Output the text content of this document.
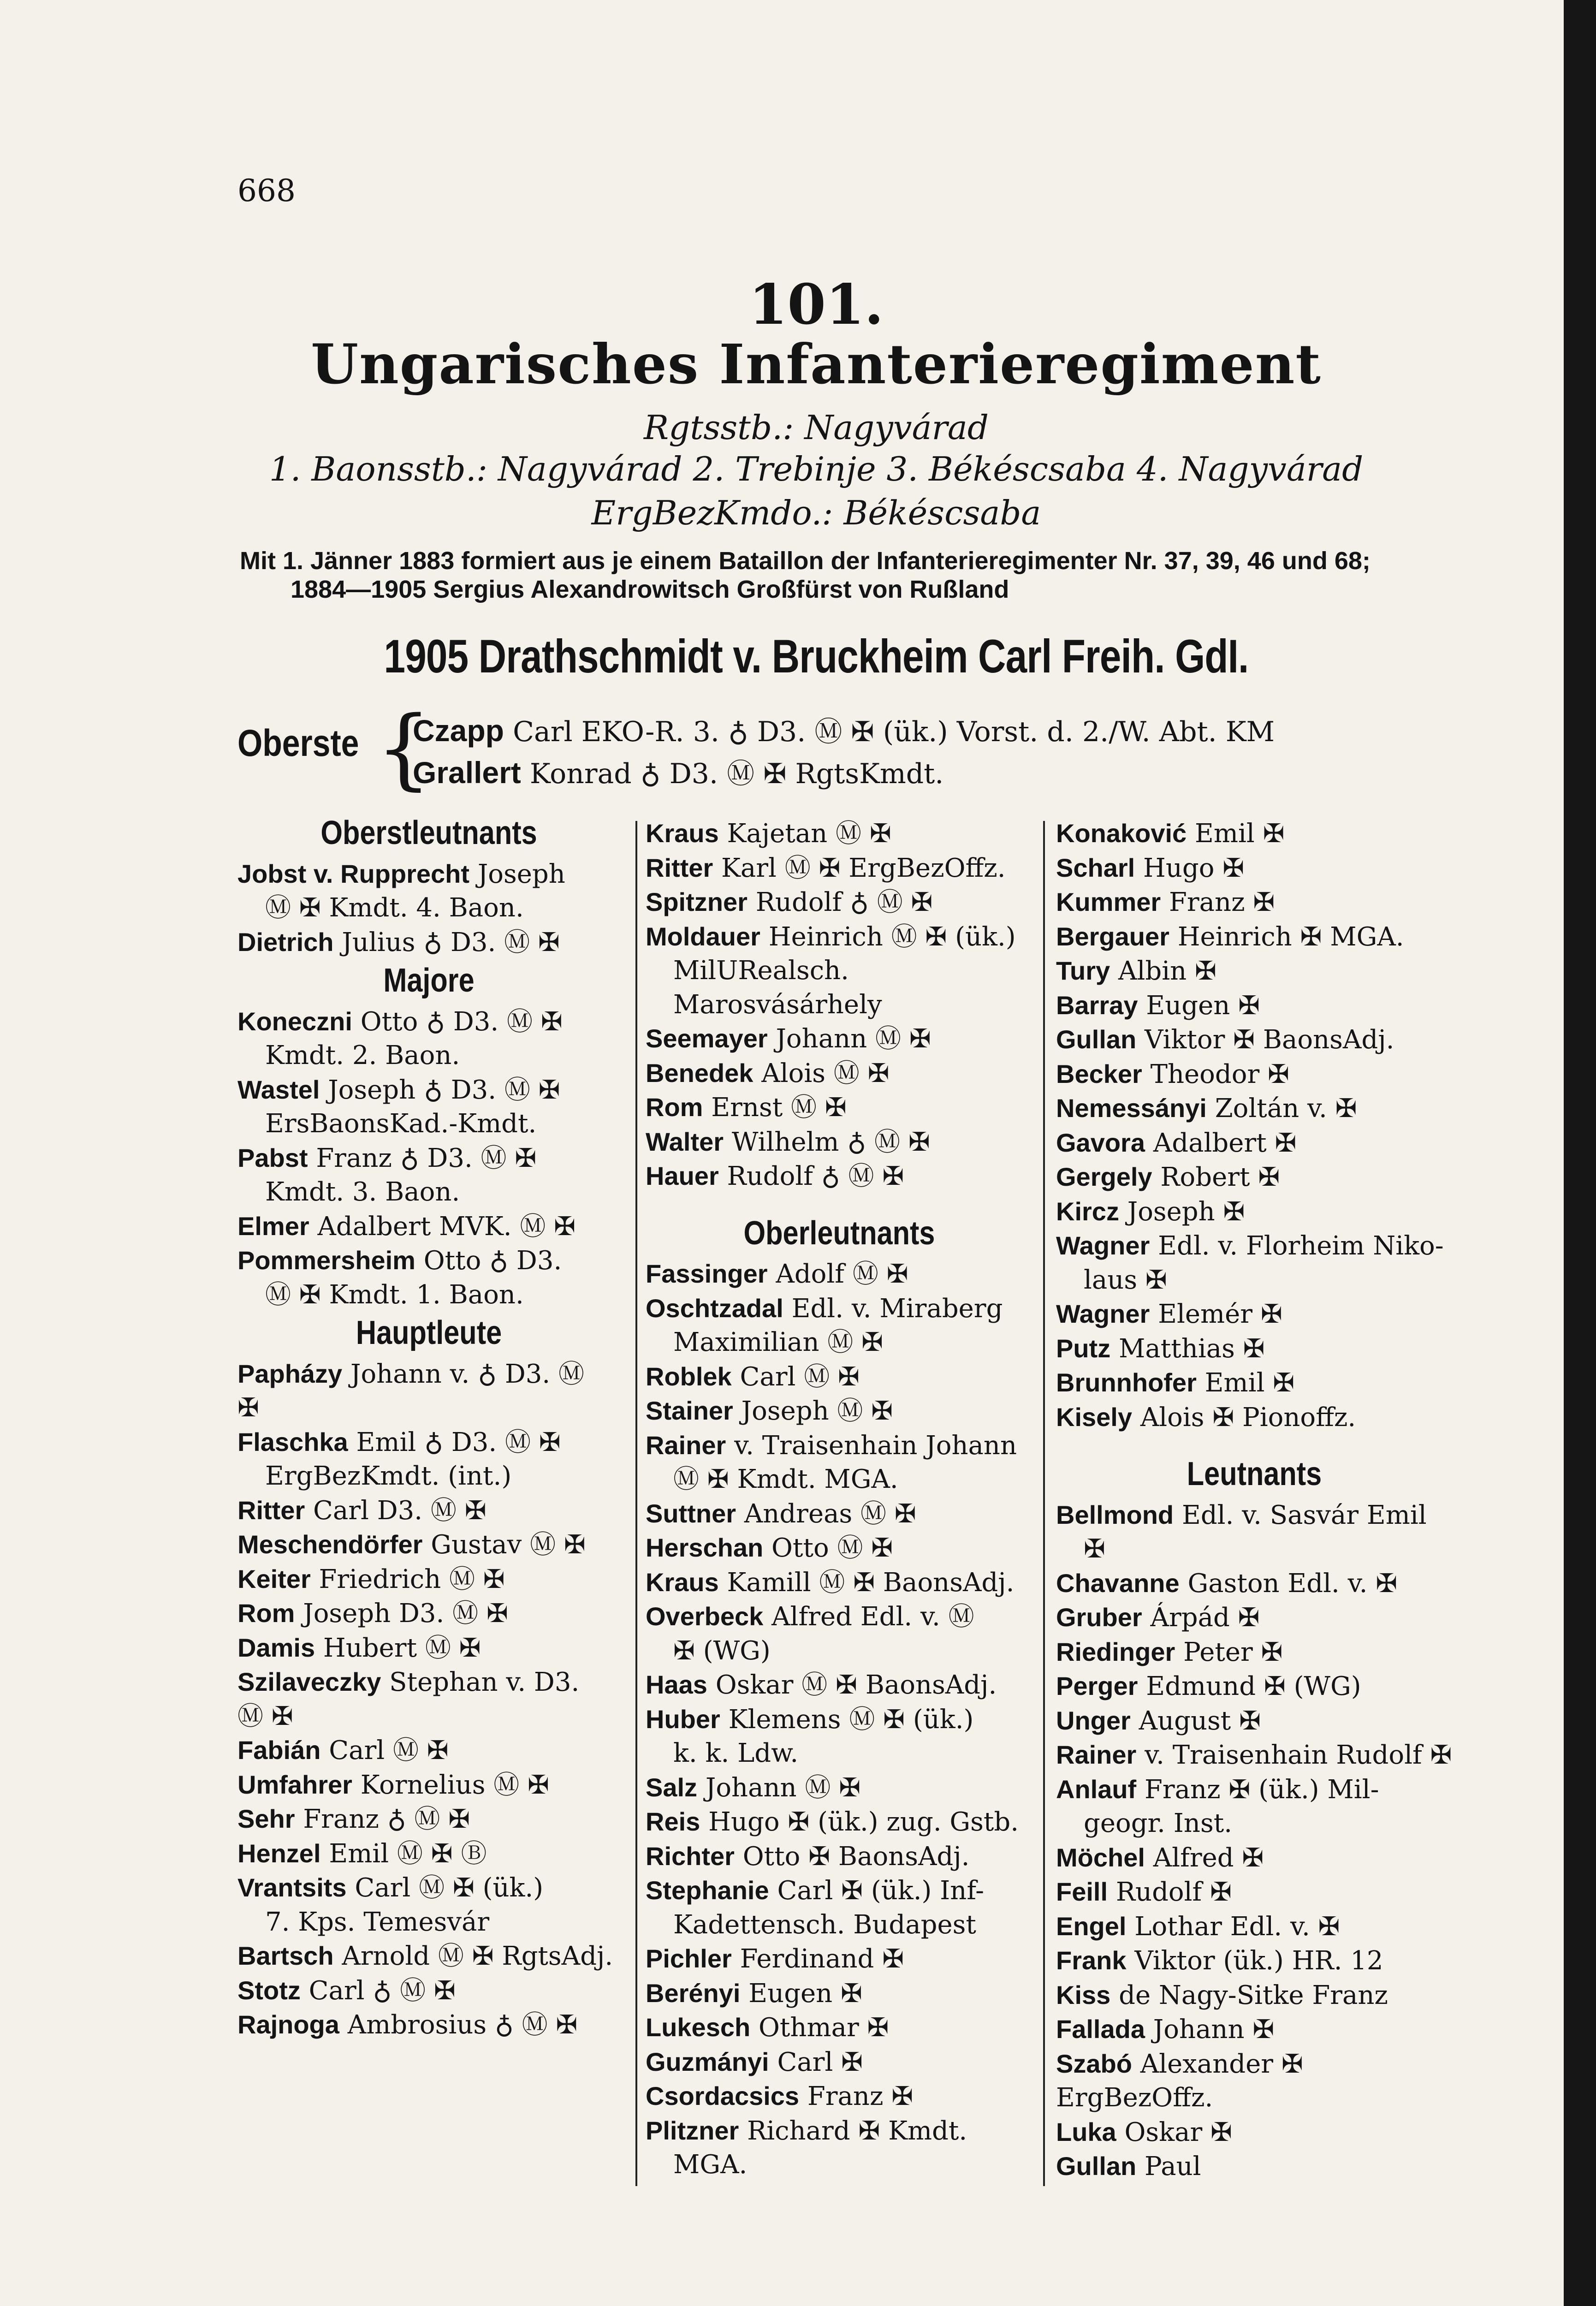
668
101.
Ungarisches Infanterieregiment
Rgtsstb.: Nagyvárad
1. Baonsstb.: Nagyvárad 2. Trebinje 3. Békéscsaba 4. Nagyvárad
ErgBezKmdo.: Békéscsaba
Mit 1. Jänner 1883 formiert aus je einem Bataillon der Infanterieregimenter Nr. 37, 39, 46 und 68;
1884—1905 Sergius Alexandrowitsch Großfürst von Rußland
1905 Drathschmidt v. Bruckheim Carl Freih. GdI.
Oberste {
Czapp Carl EKO-R. 3. ♁ D3. Ⓜ ✠ (ük.) Vorst. d. 2./W. Abt. KM
Grallert Konrad ♁ D3. Ⓜ ✠ RgtsKmdt.
Oberstleutnants
Jobst v. Rupprecht Joseph
Ⓜ ✠ Kmdt. 4. Baon.
Dietrich Julius ♁ D3. Ⓜ ✠
Majore
Koneczni Otto ♁ D3. Ⓜ ✠
Kmdt. 2. Baon.
Wastel Joseph ♁ D3. Ⓜ ✠
ErsBaonsKad.-Kmdt.
Pabst Franz ♁ D3. Ⓜ ✠
Kmdt. 3. Baon.
Elmer Adalbert MVK. Ⓜ ✠
Pommersheim Otto ♁ D3.
Ⓜ ✠ Kmdt. 1. Baon.
Hauptleute
Papházy Johann v. ♁ D3. Ⓜ
✠
Flaschka Emil ♁ D3. Ⓜ ✠
ErgBezKmdt. (int.)
Ritter Carl D3. Ⓜ ✠
Meschendörfer Gustav Ⓜ ✠
Keiter Friedrich Ⓜ ✠
Rom Joseph D3. Ⓜ ✠
Damis Hubert Ⓜ ✠
Szilaveczky Stephan v. D3.
Ⓜ ✠
Fabián Carl Ⓜ ✠
Umfahrer Kornelius Ⓜ ✠
Sehr Franz ♁ Ⓜ ✠
Henzel Emil Ⓜ ✠ Ⓑ
Vrantsits Carl Ⓜ ✠ (ük.)
7. Kps. Temesvár
Bartsch Arnold Ⓜ ✠ RgtsAdj.
Stotz Carl ♁ Ⓜ ✠
Rajnoga Ambrosius ♁ Ⓜ ✠
Kraus Kajetan Ⓜ ✠
Ritter Karl Ⓜ ✠ ErgBezOffz.
Spitzner Rudolf ♁ Ⓜ ✠
Moldauer Heinrich Ⓜ ✠ (ük.)
MilURealsch. Marosvásárhely
Seemayer Johann Ⓜ ✠
Benedek Alois Ⓜ ✠
Rom Ernst Ⓜ ✠
Walter Wilhelm ♁ Ⓜ ✠
Hauer Rudolf ♁ Ⓜ ✠
Oberleutnants
Fassinger Adolf Ⓜ ✠
Oschtzadal Edl. v. Miraberg
Maximilian Ⓜ ✠
Roblek Carl Ⓜ ✠
Stainer Joseph Ⓜ ✠
Rainer v. Traisenhain Johann
Ⓜ ✠ Kmdt. MGA.
Suttner Andreas Ⓜ ✠
Herschan Otto Ⓜ ✠
Kraus Kamill Ⓜ ✠ BaonsAdj.
Overbeck Alfred Edl. v. Ⓜ
✠ (WG)
Haas Oskar Ⓜ ✠ BaonsAdj.
Huber Klemens Ⓜ ✠ (ük.)
k. k. Ldw.
Salz Johann Ⓜ ✠
Reis Hugo ✠ (ük.) zug. Gstb.
Richter Otto ✠ BaonsAdj.
Stephanie Carl ✠ (ük.) Inf-
Kadettensch. Budapest
Pichler Ferdinand ✠
Berényi Eugen ✠
Lukesch Othmar ✠
Guzmányi Carl ✠
Csordacsics Franz ✠
Plitzner Richard ✠ Kmdt.
MGA.
Konaković Emil ✠
Scharl Hugo ✠
Kummer Franz ✠
Bergauer Heinrich ✠ MGA.
Tury Albin ✠
Barray Eugen ✠
Gullan Viktor ✠ BaonsAdj.
Becker Theodor ✠
Nemessányi Zoltán v. ✠
Gavora Adalbert ✠
Gergely Robert ✠
Kircz Joseph ✠
Wagner Edl. v. Florheim Niko-
laus ✠
Wagner Elemér ✠
Putz Matthias ✠
Brunnhofer Emil ✠
Kisely Alois ✠ Pionoffz.
Leutnants
Bellmond Edl. v. Sasvár Emil
✠
Chavanne Gaston Edl. v. ✠
Gruber Árpád ✠
Riedinger Peter ✠
Perger Edmund ✠ (WG)
Unger August ✠
Rainer v. Traisenhain Rudolf ✠
Anlauf Franz ✠ (ük.) Mil-
geogr. Inst.
Möchel Alfred ✠
Feill Rudolf ✠
Engel Lothar Edl. v. ✠
Frank Viktor (ük.) HR. 12
Kiss de Nagy-Sitke Franz
Fallada Johann ✠
Szabó Alexander ✠ ErgBezOffz.
Luka Oskar ✠
Gullan Paul
